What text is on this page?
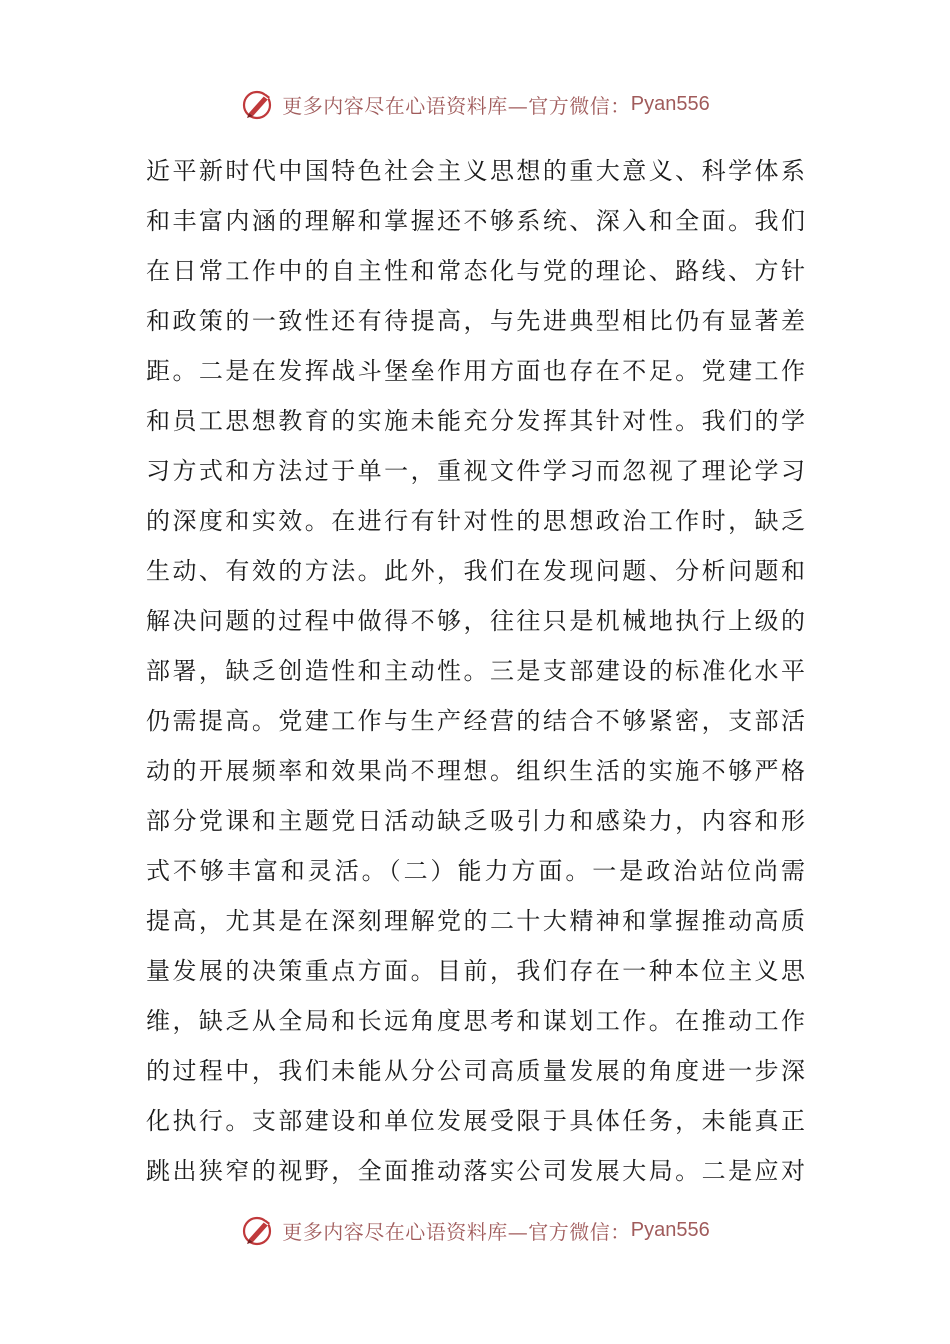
更多内容尽在心语资料库—官方微信： Pyan556
近平新时代中国特色社会主义思想的重大意义、科学体系
和丰富内涵的理解和掌握还不够系统、深入和全面。我们
在日常工作中的自主性和常态化与党的理论、路线、方针
和政策的一致性还有待提高，与先进典型相比仍有显著差
距。二是在发挥战斗堡垒作用方面也存在不足。党建工作
和员工思想教育的实施未能充分发挥其针对性。我们的学
习方式和方法过于单一，重视文件学习而忽视了理论学习
的深度和实效。在进行有针对性的思想政治工作时，缺乏
生动、有效的方法。此外，我们在发现问题、分析问题和
解决问题的过程中做得不够，往往只是机械地执行上级的
部署，缺乏创造性和主动性。三是支部建设的标准化水平
仍需提高。党建工作与生产经营的结合不够紧密，支部活
动的开展频率和效果尚不理想。组织生活的实施不够严格
部分党课和主题党日活动缺乏吸引力和感染力，内容和形
式不够丰富和灵活。（二）能力方面。一是政治站位尚需
提高，尤其是在深刻理解党的二十大精神和掌握推动高质
量发展的决策重点方面。目前，我们存在一种本位主义思
维，缺乏从全局和长远角度思考和谋划工作。在推动工作
的过程中，我们未能从分公司高质量发展的角度进一步深
化执行。支部建设和单位发展受限于具体任务，未能真正
跳出狭窄的视野，全面推动落实公司发展大局。二是应对
更多内容尽在心语资料库—官方微信： Pyan556
